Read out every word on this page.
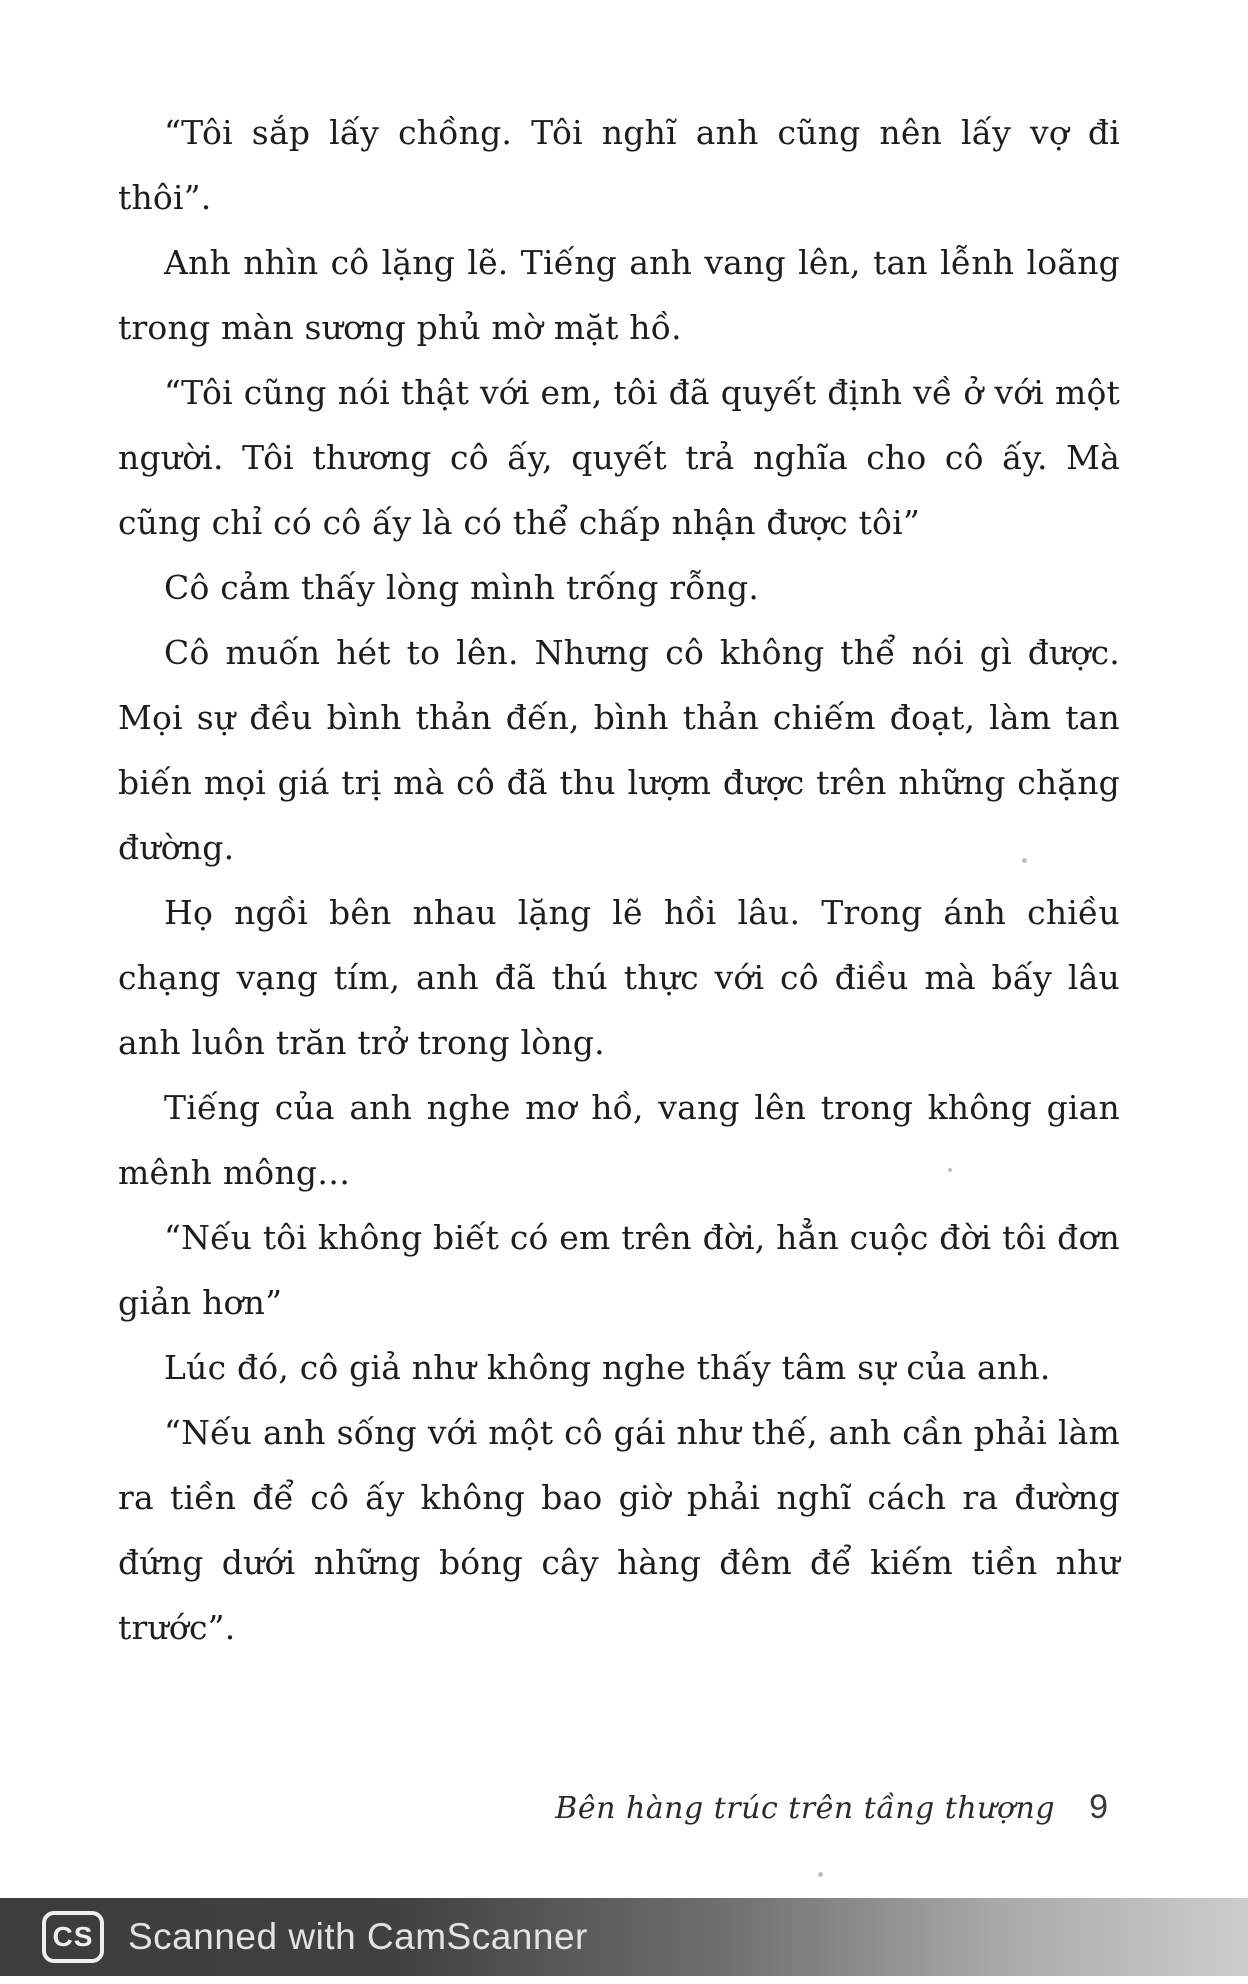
“Tôi sắp lấy chồng. Tôi nghĩ anh cũng nên lấy vợ đi thôi”.

Anh nhìn cô lặng lẽ. Tiếng anh vang lên, tan lễnh loãng trong màn sương phủ mờ mặt hồ.

“Tôi cũng nói thật với em, tôi đã quyết định về ở với một người. Tôi thương cô ấy, quyết trả nghĩa cho cô ấy. Mà cũng chỉ có cô ấy là có thể chấp nhận được tôi”

Cô cảm thấy lòng mình trống rỗng.

Cô muốn hét to lên. Nhưng cô không thể nói gì được. Mọi sự đều bình thản đến, bình thản chiếm đoạt, làm tan biến mọi giá trị mà cô đã thu lượm được trên những chặng đường.

Họ ngồi bên nhau lặng lẽ hồi lâu. Trong ánh chiều chạng vạng tím, anh đã thú thực với cô điều mà bấy lâu anh luôn trăn trở trong lòng.

Tiếng của anh nghe mơ hồ, vang lên trong không gian mênh mông…

“Nếu tôi không biết có em trên đời, hẳn cuộc đời tôi đơn giản hơn”

Lúc đó, cô giả như không nghe thấy tâm sự của anh.

“Nếu anh sống với một cô gái như thế, anh cần phải làm ra tiền để cô ấy không bao giờ phải nghĩ cách ra đường đứng dưới những bóng cây hàng đêm để kiếm tiền như trước”.

Bên hàng trúc trên tầng thượng 9
CS Scanned with CamScanner
